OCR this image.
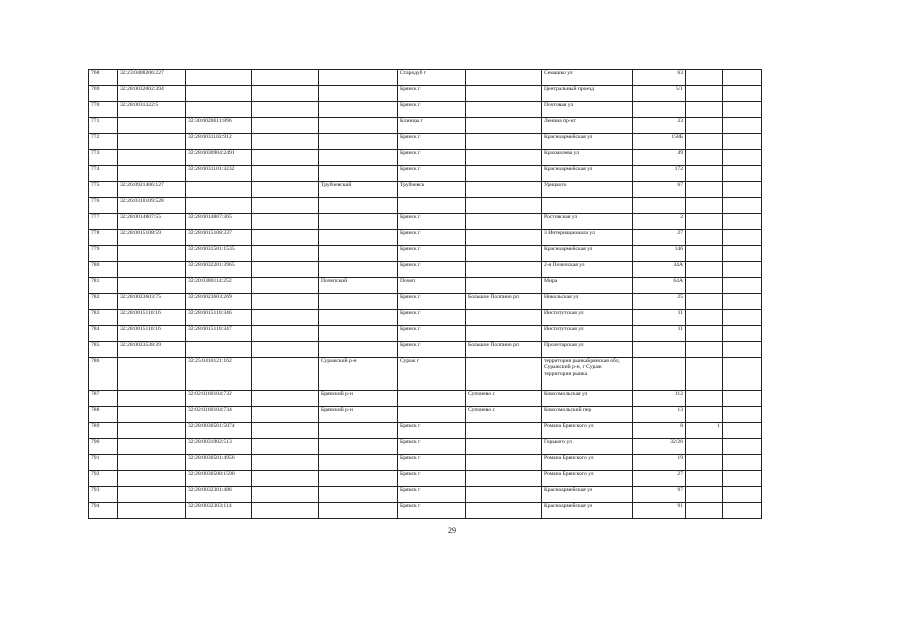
768	32:23:0400206:227				Стародуб г		Семашко ул	63		
769	32:28:0032002:394				Брянск г		Центральный проезд	5/1		
770	32:28:0031322:5				Брянск г		Почтовая ул			
771		32:30:0020611:896			Клинцы г		Ленина пр-кт	33		
772		32:28:0031102:912			Брянск г		Красноармейская ул	158Б		
773		32:28:0030904:2491			Брянск г		Крахмалева ул	49		
774		32:28:0031101:3232			Брянск г		Красноармейская ул	172		
775	32:26:0921406:127			Трубчевский	Трубчевск		Урицкого	67		
776	32:26:0310109:528									
777	32:28:0014807:55	32:28:0014807:365			Брянск г		Ростовская ул	2		
778	32:28:0015108:59	32:28:0015108:337			Брянск г		3 Интернационала ул	27		
779		32:28:0031501:1535			Брянск г		Красноармейская ул	146		
780		32:28:0032201:3965			Брянск г		2-я Почепская ул	34А		
781		32:20:0380114:252		Почепский	Почеп		Мира	64А		
782	32:28:0023603:75	32:28:0023603:269			Брянск г	Большое Полпино рп	Никольская ул	25		
783	32:28:0015110:16	32:28:0015110:346			Брянск г		Институтская ул	11		
784	32:28:0015110:16	32:28:0015110:347			Брянск г		Институтская ул	11		
785	32:28:0023538:39				Брянск г	Большое Полпино рп	Пролетарская ул			
786		32:25:0410121:162		Суражский р-н	Сураж г		территория рынкаБрянская обл, Суражский р-н, г Сураж территория рынка			
787		32:02:0160104:732		Брянский р-н		Супонево с	Комсомольская ул	112		
788		32:02:0160104:734		Брянский р-н		Супонево с	Комсомольский пер	13		
789		32:28:0030501:5074			Брянск г		Романа Брянского ул	8	1	
790		32:28:0031902:513			Брянск г		Горького ул	32/26		
791		32:28:0030501:4956			Брянск г		Романа Брянского ул	19		
792		32:28:0030508:1590			Брянск г		Романа Брянского ул	27		
793		32:28:0032301:486			Брянск г		Красноармейская ул	97		
794		32:28:0032303:114			Брянск г		Красноармейская ул	91		
29
